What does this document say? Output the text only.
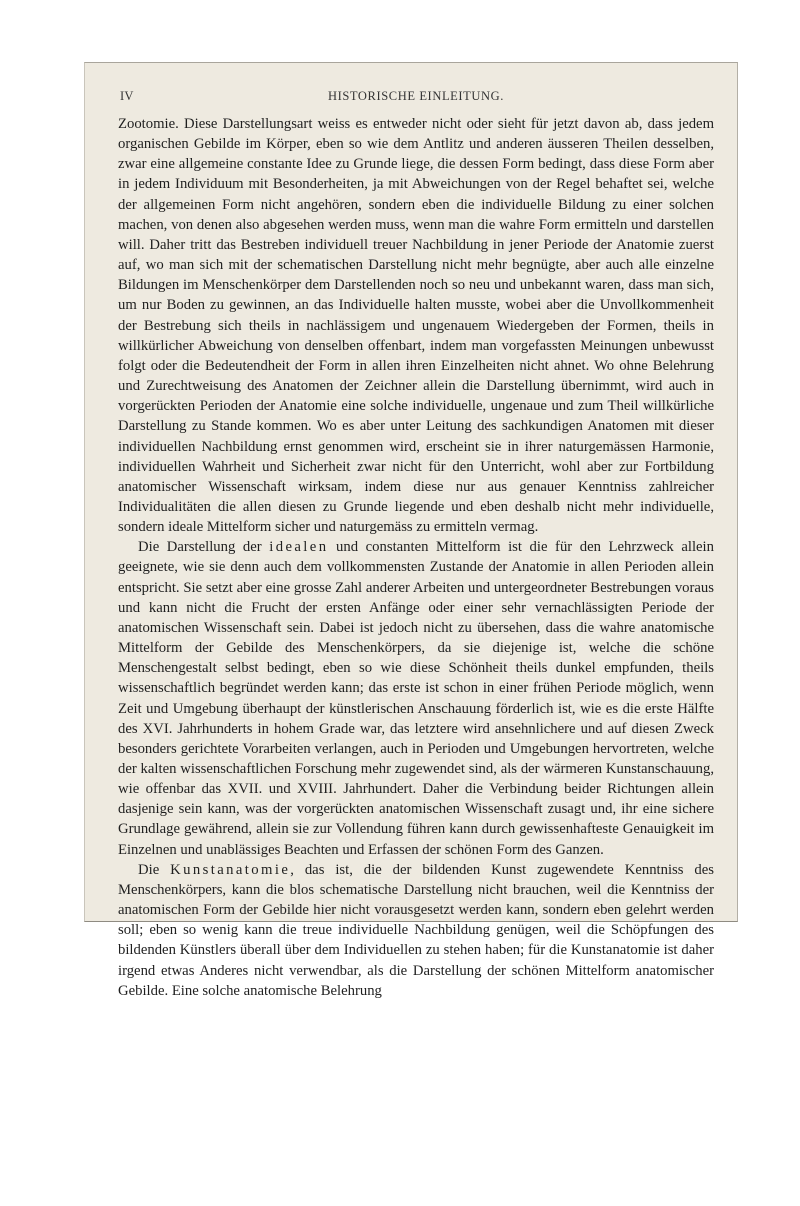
IV	HISTORISCHE EINLEITUNG.

Zootomie. Diese Darstellungsart weiss es entweder nicht oder sieht für jetzt davon ab, dass jedem organischen Gebilde im Körper, eben so wie dem Antlitz und anderen äusseren Theilen desselben, zwar eine allgemeine constante Idee zu Grunde liege, die dessen Form bedingt, dass diese Form aber in jedem Individuum mit Besonderheiten, ja mit Abweichungen von der Regel behaftet sei, welche der allgemeinen Form nicht angehören, sondern eben die individuelle Bildung zu einer solchen machen, von denen also abgesehen werden muss, wenn man die wahre Form ermitteln und darstellen will. Daher tritt das Bestreben individuell treuer Nachbildung in jener Periode der Anatomie zuerst auf, wo man sich mit der schematischen Darstellung nicht mehr begnügte, aber auch alle einzelne Bildungen im Menschenkörper dem Darstellenden noch so neu und unbekannt waren, dass man sich, um nur Boden zu gewinnen, an das Individuelle halten musste, wobei aber die Unvollkommenheit der Bestrebung sich theils in nachlässigem und ungenauem Wiedergeben der Formen, theils in willkürlicher Abweichung von denselben offenbart, indem man vorgefassten Meinungen unbewusst folgt oder die Bedeutendheit der Form in allen ihren Einzelheiten nicht ahnet. Wo ohne Belehrung und Zurechtweisung des Anatomen der Zeichner allein die Darstellung übernimmt, wird auch in vorgerückten Perioden der Anatomie eine solche individuelle, ungenaue und zum Theil willkürliche Darstellung zu Stande kommen. Wo es aber unter Leitung des sachkundigen Anatomen mit dieser individuellen Nachbildung ernst genommen wird, erscheint sie in ihrer naturgemässen Harmonie, individuellen Wahrheit und Sicherheit zwar nicht für den Unterricht, wohl aber zur Fortbildung anatomischer Wissenschaft wirksam, indem diese nur aus genauer Kenntniss zahlreicher Individualitäten die allen diesen zu Grunde liegende und eben deshalb nicht mehr individuelle, sondern ideale Mittelform sicher und naturgemäss zu ermitteln vermag.

Die Darstellung der idealen und constanten Mittelform ist die für den Lehrzweck allein geeignete, wie sie denn auch dem vollkommensten Zustande der Anatomie in allen Perioden allein entspricht. Sie setzt aber eine grosse Zahl anderer Arbeiten und untergeordneter Bestrebungen voraus und kann nicht die Frucht der ersten Anfänge oder einer sehr vernachlässigten Periode der anatomischen Wissenschaft sein. Dabei ist jedoch nicht zu übersehen, dass die wahre anatomische Mittelform der Gebilde des Menschenkörpers, da sie diejenige ist, welche die schöne Menschengestalt selbst bedingt, eben so wie diese Schönheit theils dunkel empfunden, theils wissenschaftlich begründet werden kann; das erste ist schon in einer frühen Periode möglich, wenn Zeit und Umgebung überhaupt der künstlerischen Anschauung förderlich ist, wie es die erste Hälfte des XVI. Jahrhunderts in hohem Grade war, das letztere wird ansehnlichere und auf diesen Zweck besonders gerichtete Vorarbeiten verlangen, auch in Perioden und Umgebungen hervortreten, welche der kalten wissenschaftlichen Forschung mehr zugewendet sind, als der wärmeren Kunstanschauung, wie offenbar das XVII. und XVIII. Jahrhundert. Daher die Verbindung beider Richtungen allein dasjenige sein kann, was der vorgerückten anatomischen Wissenschaft zusagt und, ihr eine sichere Grundlage gewährend, allein sie zur Vollendung führen kann durch gewissenhafteste Genauigkeit im Einzelnen und unablässiges Beachten und Erfassen der schönen Form des Ganzen.

Die Kunstanatomie, das ist, die der bildenden Kunst zugewendete Kenntniss des Menschenkörpers, kann die blos schematische Darstellung nicht brauchen, weil die Kenntniss der anatomischen Form der Gebilde hier nicht vorausgesetzt werden kann, sondern eben gelehrt werden soll; eben so wenig kann die treue individuelle Nachbildung genügen, weil die Schöpfungen des bildenden Künstlers überall über dem Individuellen zu stehen haben; für die Kunstanatomie ist daher irgend etwas Anderes nicht verwendbar, als die Darstellung der schönen Mittelform anatomischer Gebilde. Eine solche anatomische Belehrung
